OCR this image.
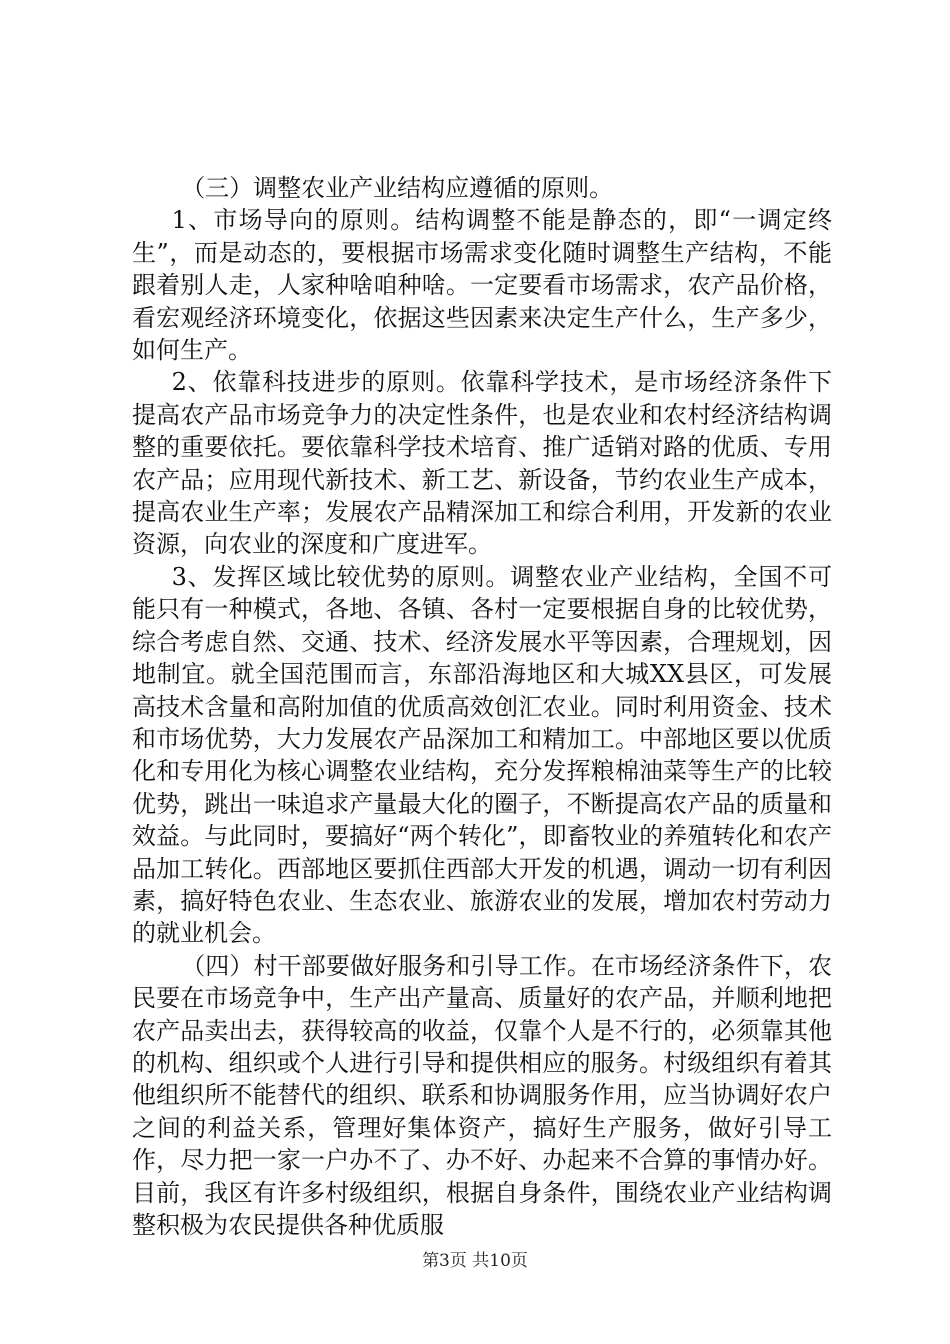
（三）调整农业产业结构应遵循的原则。

1、市场导向的原则。结构调整不能是静态的，即“一调定终生”，而是动态的，要根据市场需求变化随时调整生产结构，不能跟着别人走，人家种啥咱种啥。一定要看市场需求，农产品价格，看宏观经济环境变化，依据这些因素来决定生产什么，生产多少，如何生产。

2、依靠科技进步的原则。依靠科学技术，是市场经济条件下提高农产品市场竞争力的决定性条件，也是农业和农村经济结构调整的重要依托。要依靠科学技术培育、推广适销对路的优质、专用农产品；应用现代新技术、新工艺、新设备，节约农业生产成本，提高农业生产率；发展农产品精深加工和综合利用，开发新的农业资源，向农业的深度和广度进军。

3、发挥区域比较优势的原则。调整农业产业结构，全国不可能只有一种模式，各地、各镇、各村一定要根据自身的比较优势，综合考虑自然、交通、技术、经济发展水平等因素，合理规划，因地制宜。就全国范围而言，东部沿海地区和大城XX县区，可发展高技术含量和高附加值的优质高效创汇农业。同时利用资金、技术和市场优势，大力发展农产品深加工和精加工。中部地区要以优质化和专用化为核心调整农业结构，充分发挥粮棉油菜等生产的比较优势，跳出一味追求产量最大化的圈子，不断提高农产品的质量和效益。与此同时，要搞好“两个转化”，即畜牧业的养殖转化和农产品加工转化。西部地区要抓住西部大开发的机遇，调动一切有利因素，搞好特色农业、生态农业、旅游农业的发展，增加农村劳动力的就业机会。

（四）村干部要做好服务和引导工作。在市场经济条件下，农民要在市场竞争中，生产出产量高、质量好的农产品，并顺利地把农产品卖出去，获得较高的收益，仅靠个人是不行的，必须靠其他的机构、组织或个人进行引导和提供相应的服务。村级组织有着其他组织所不能替代的组织、联系和协调服务作用，应当协调好农户之间的利益关系，管理好集体资产，搞好生产服务，做好引导工作，尽力把一家一户办不了、办不好、办起来不合算的事情办好。目前，我区有许多村级组织，根据自身条件，围绕农业产业结构调整积极为农民提供各种优质服

第3页 共10页
